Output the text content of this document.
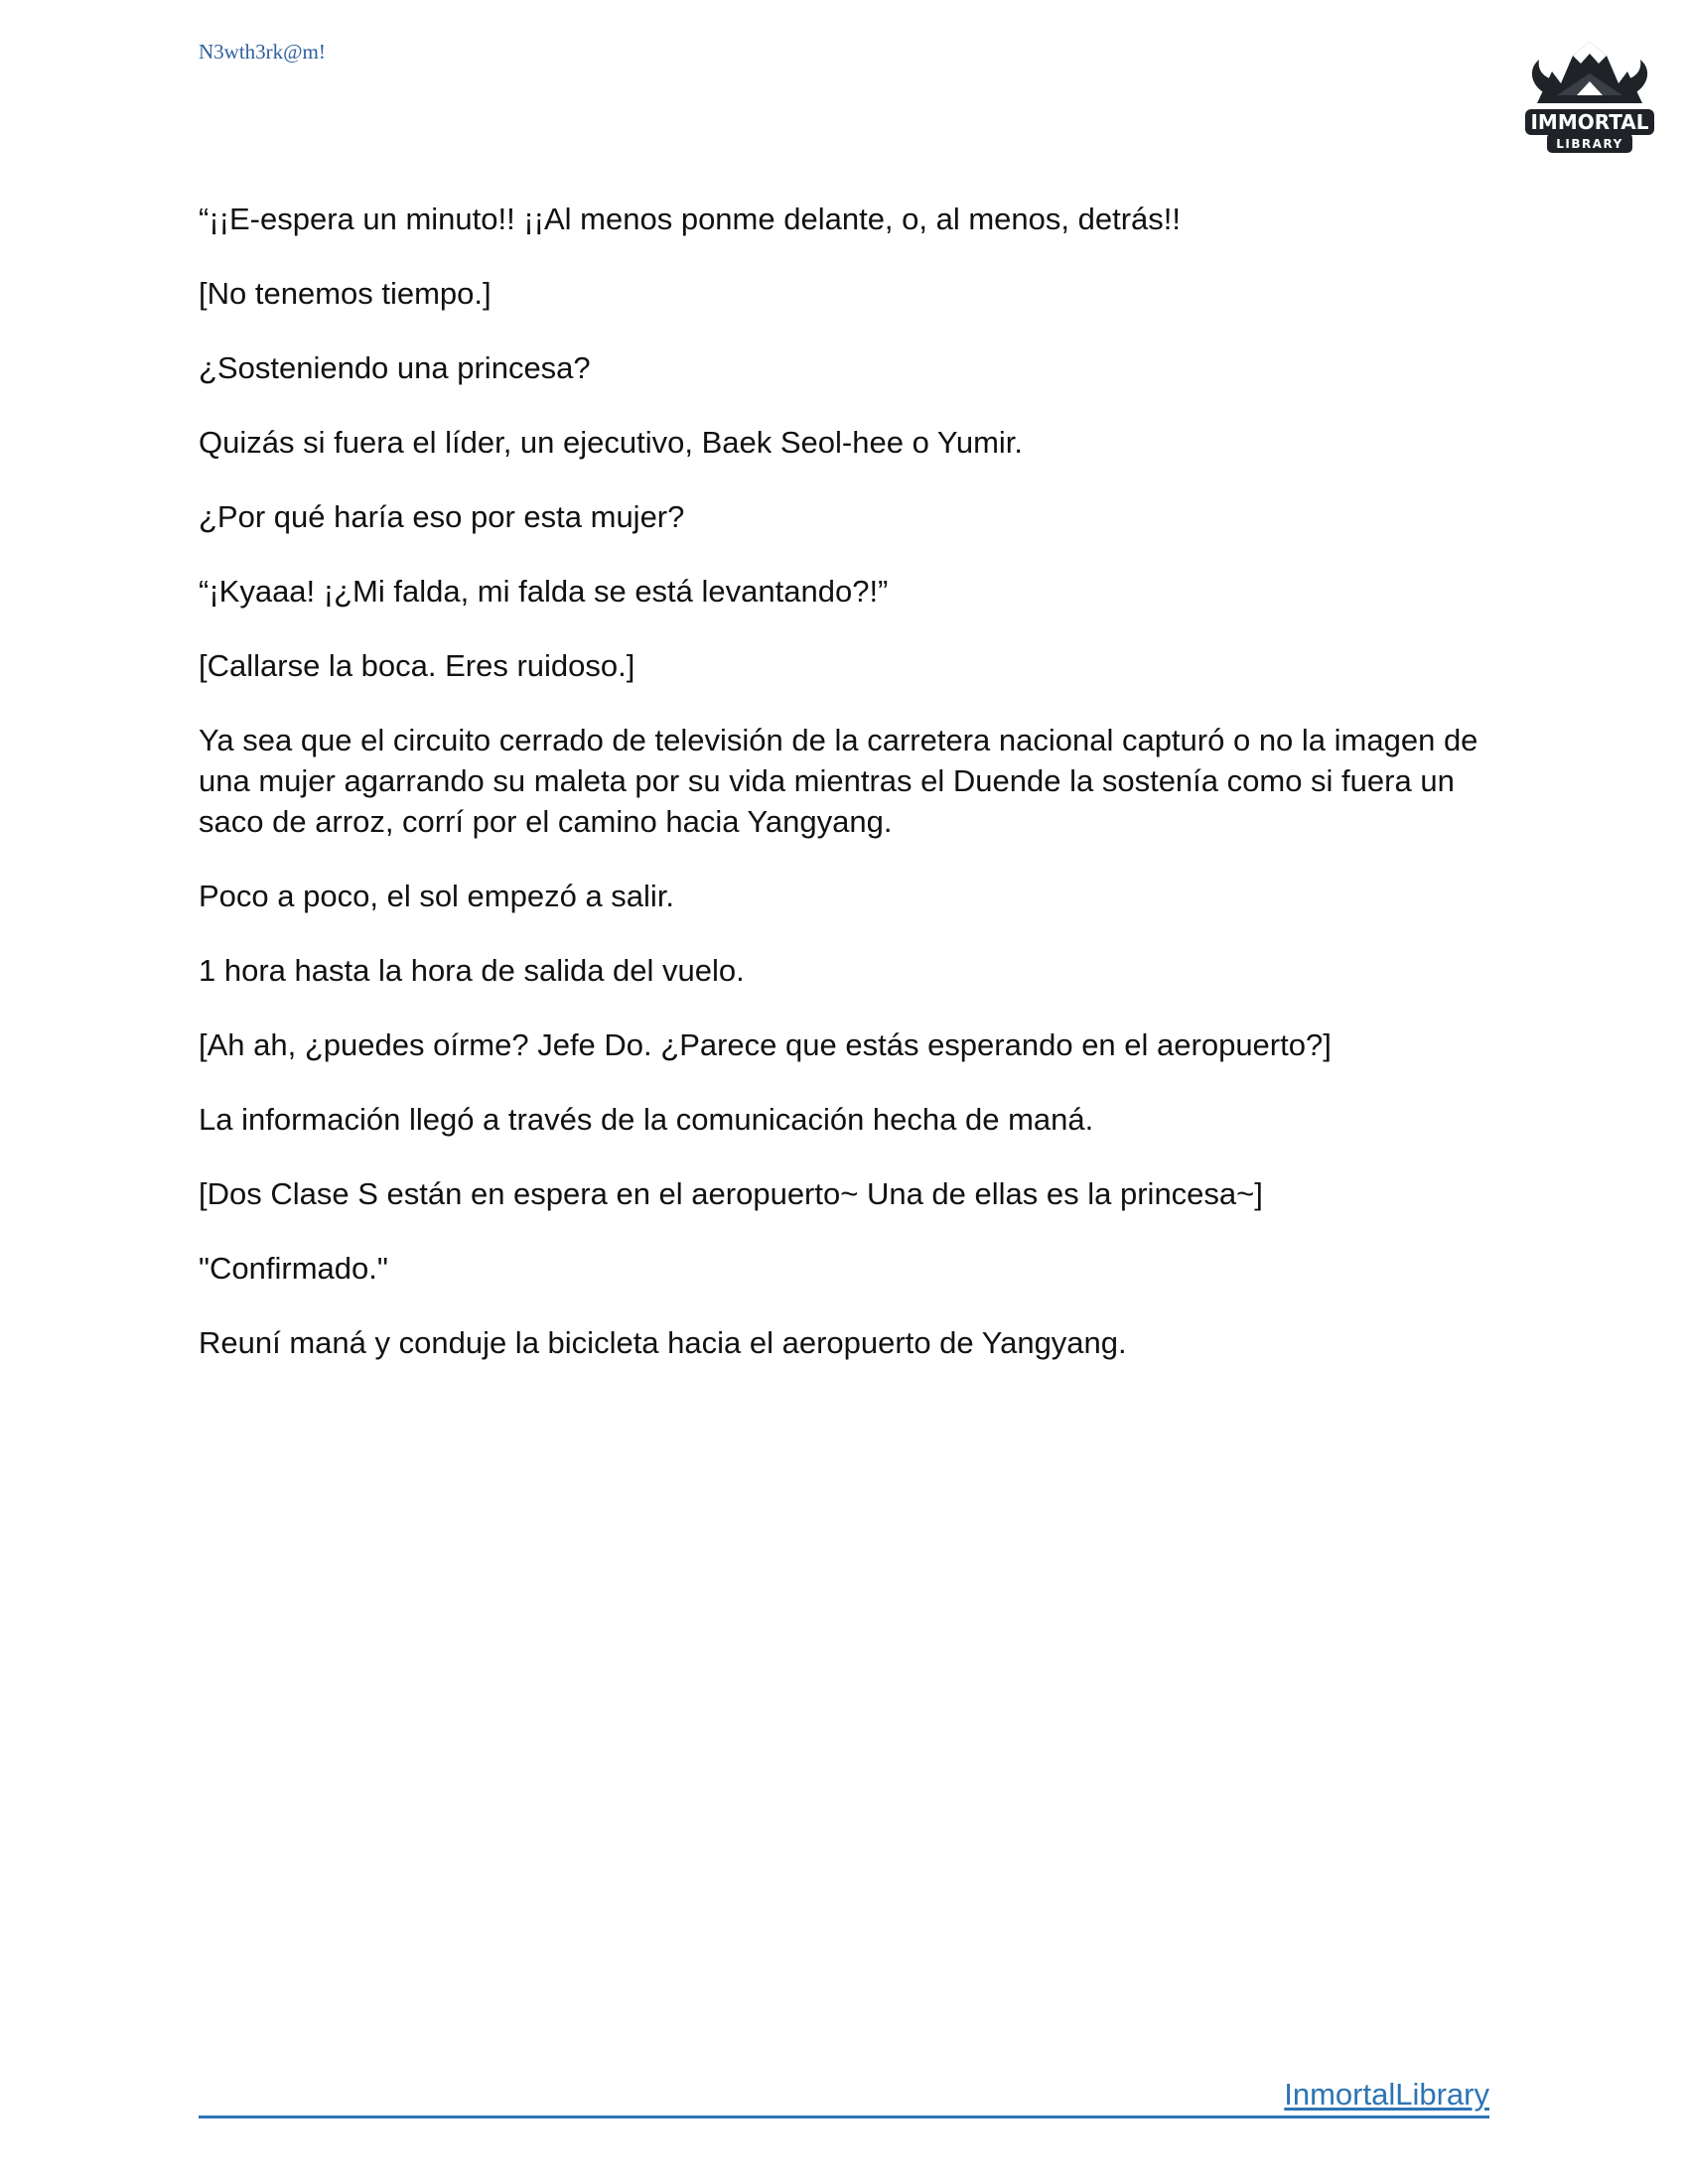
N3wth3rk@m!
IMMORTAL
LIBRARY

“¡¡E-espera un minuto!! ¡¡Al menos ponme delante, o, al menos, detrás!!

[No tenemos tiempo.]

¿Sosteniendo una princesa?

Quizás si fuera el líder, un ejecutivo, Baek Seol-hee o Yumir.

¿Por qué haría eso por esta mujer?

“¡Kyaaa! ¡¿Mi falda, mi falda se está levantando?!”

[Callarse la boca. Eres ruidoso.]

Ya sea que el circuito cerrado de televisión de la carretera nacional capturó o no la imagen de una mujer agarrando su maleta por su vida mientras el Duende la sostenía como si fuera un saco de arroz, corrí por el camino hacia Yangyang.

Poco a poco, el sol empezó a salir.

1 hora hasta la hora de salida del vuelo.

[Ah ah, ¿puedes oírme? Jefe Do. ¿Parece que estás esperando en el aeropuerto?]

La información llegó a través de la comunicación hecha de maná.

[Dos Clase S están en espera en el aeropuerto~ Una de ellas es la princesa~]

"Confirmado."

Reuní maná y conduje la bicicleta hacia el aeropuerto de Yangyang.

InmortalLibrary
